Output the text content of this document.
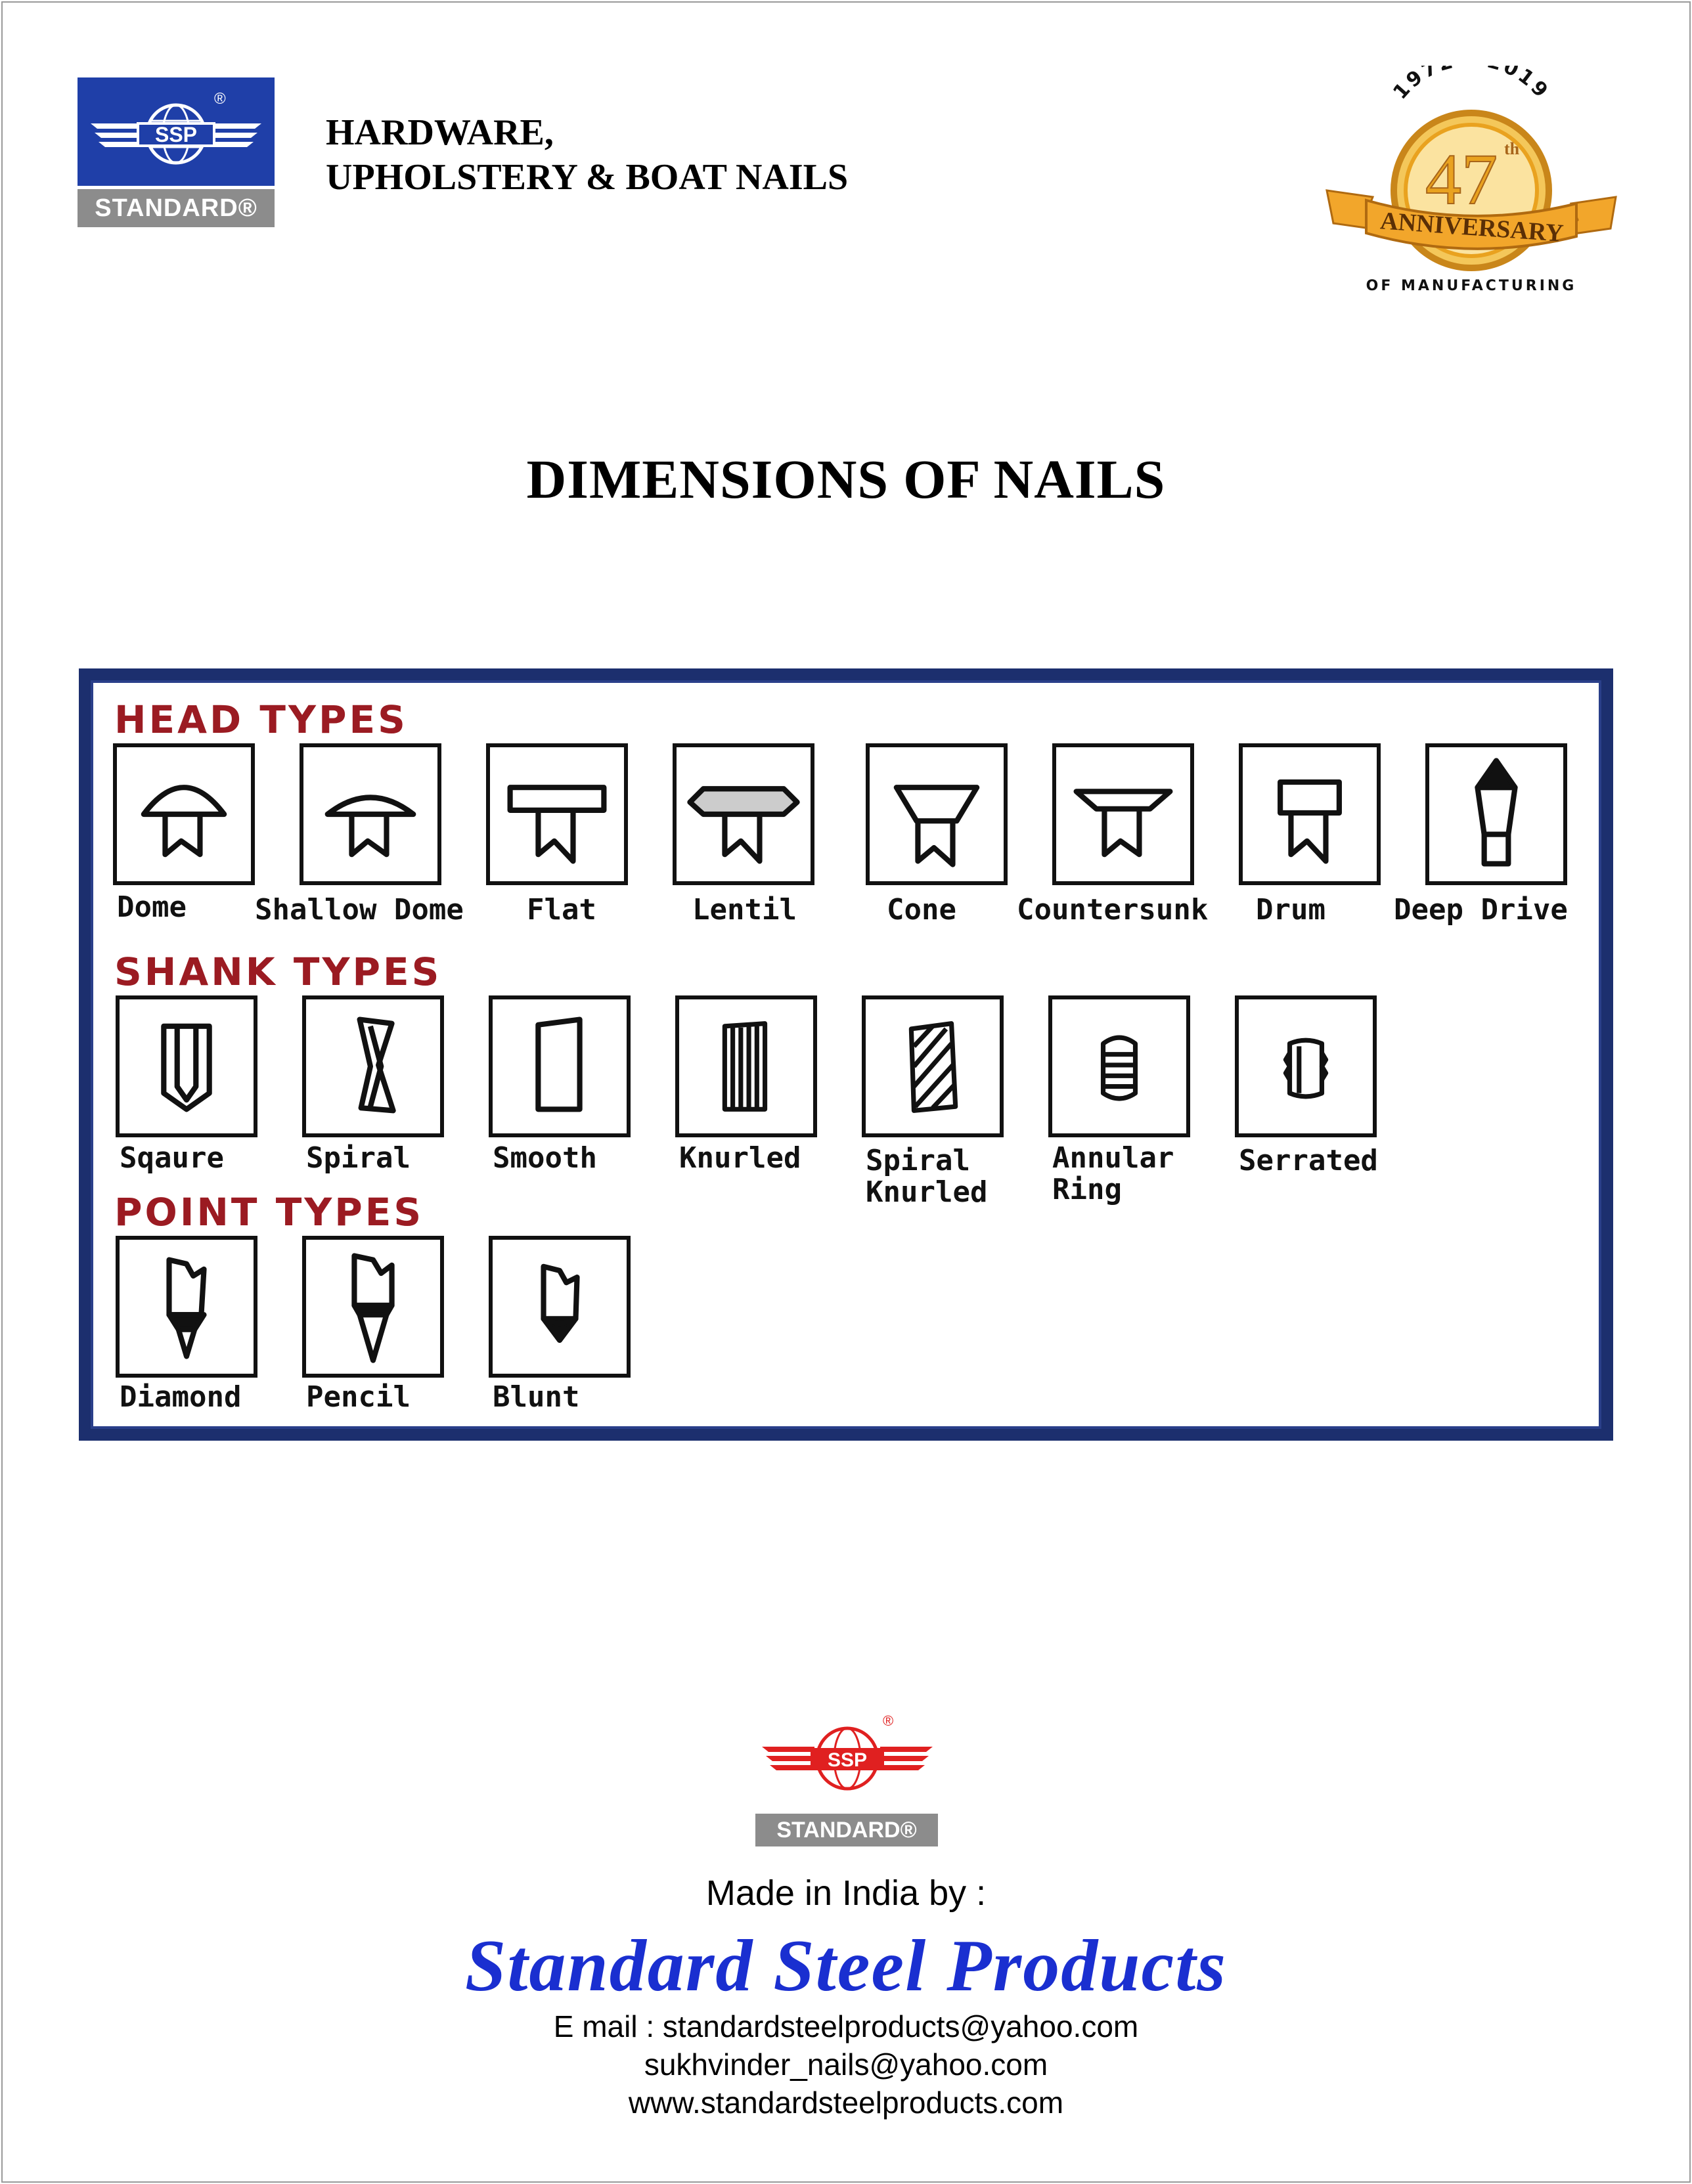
SSP
®
STANDARD®
HARDWARE,
UPHOLSTERY & BOAT NAILS
197 019
47 th
ANNIVERSARY
OF MANUFACTURING
DIMENSIONS OF NAILS
HEAD TYPES
Dome Shallow Dome Flat	Lentil	Cone Countersunk Drum Deep Drive
SHANK TYPES
Sqaure	Spiral	Smooth	Knurled Spiral
Knurled
Annular
Ring
Serrated
POINT TYPES
Diamond Pencil	Blunt
SSP
®
STANDARD®
Made in India by :
Standard Steel Products
E mail : standardsteelproducts@yahoo.com
sukhvinder_nails@yahoo.com
www.standardsteelproducts.com
